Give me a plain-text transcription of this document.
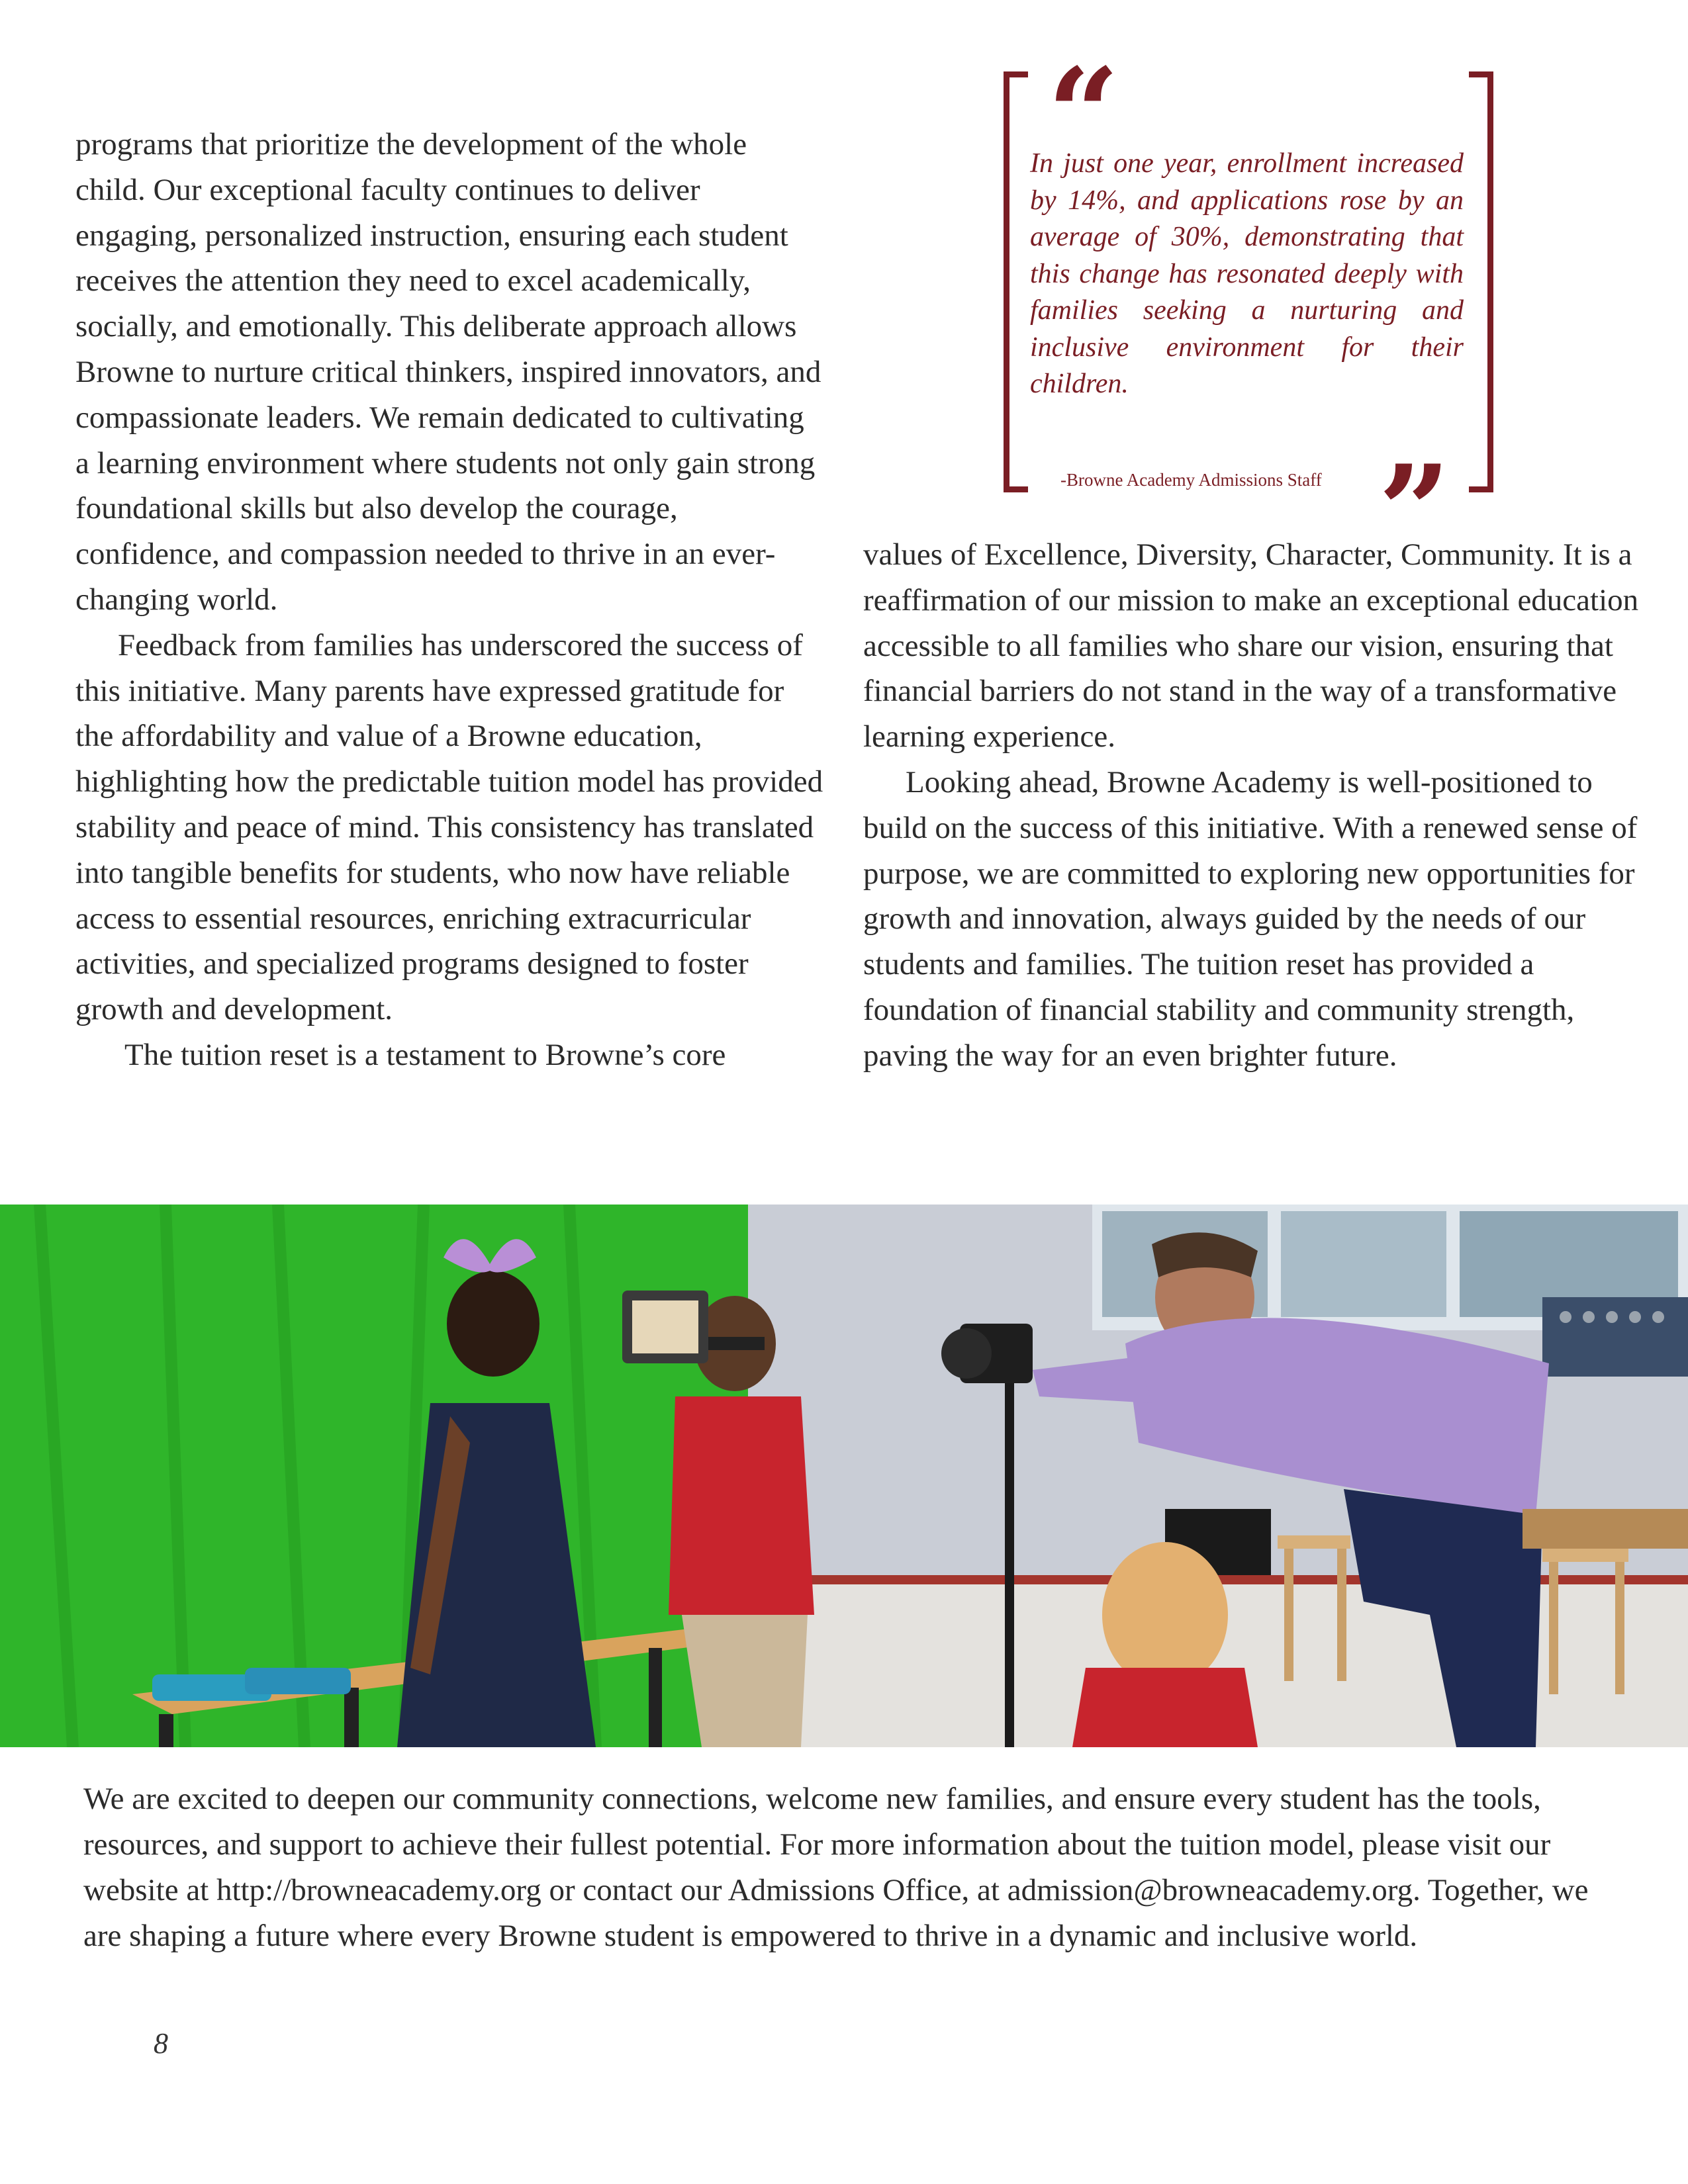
programs that prioritize the development of the whole child. Our exceptional faculty continues to deliver engaging, personalized instruction, ensuring each student receives the attention they need to excel academically, socially, and emotionally. This deliberate approach allows Browne to nurture critical thinkers, inspired innovators, and compassionate leaders. We remain dedicated to cultivating a learning environment where students not only gain strong foundational skills but also develop the courage, confidence, and compassion needed to thrive in an ever-changing world.

Feedback from families has underscored the success of this initiative. Many parents have expressed gratitude for the affordability and value of a Browne education, highlighting how the predictable tuition model has provided stability and peace of mind. This consistency has translated into tangible benefits for students, who now have reliable access to essential resources, enriching extracurricular activities, and specialized programs designed to foster growth and development.

The tuition reset is a testament to Browne’s core

“

In just one year, enrollment increased by 14%, and applications rose by an average of 30%, demonstrating that this change has resonated deeply with families seeking a nurturing and inclusive environment for their children.

-Browne Academy Admissions Staff ”

values of Excellence, Diversity, Character, Community. It is a reaffirmation of our mission to make an exceptional education accessible to all families who share our vision, ensuring that financial barriers do not stand in the way of a transformative learning experience.

Looking ahead, Browne Academy is well-positioned to build on the success of this initiative. With a renewed sense of purpose, we are committed to exploring new opportunities for growth and innovation, always guided by the needs of our students and families. The tuition reset has provided a foundation of financial stability and community strength, paving the way for an even brighter future.

We are excited to deepen our community connections, welcome new families, and ensure every student has the tools, resources, and support to achieve their fullest potential. For more information about the tuition model, please visit our website at http://browneacademy.org or contact our Admissions Office, at admission@browneacademy.org. Together, we are shaping a future where every Browne student is empowered to thrive in a dynamic and inclusive world.

8
